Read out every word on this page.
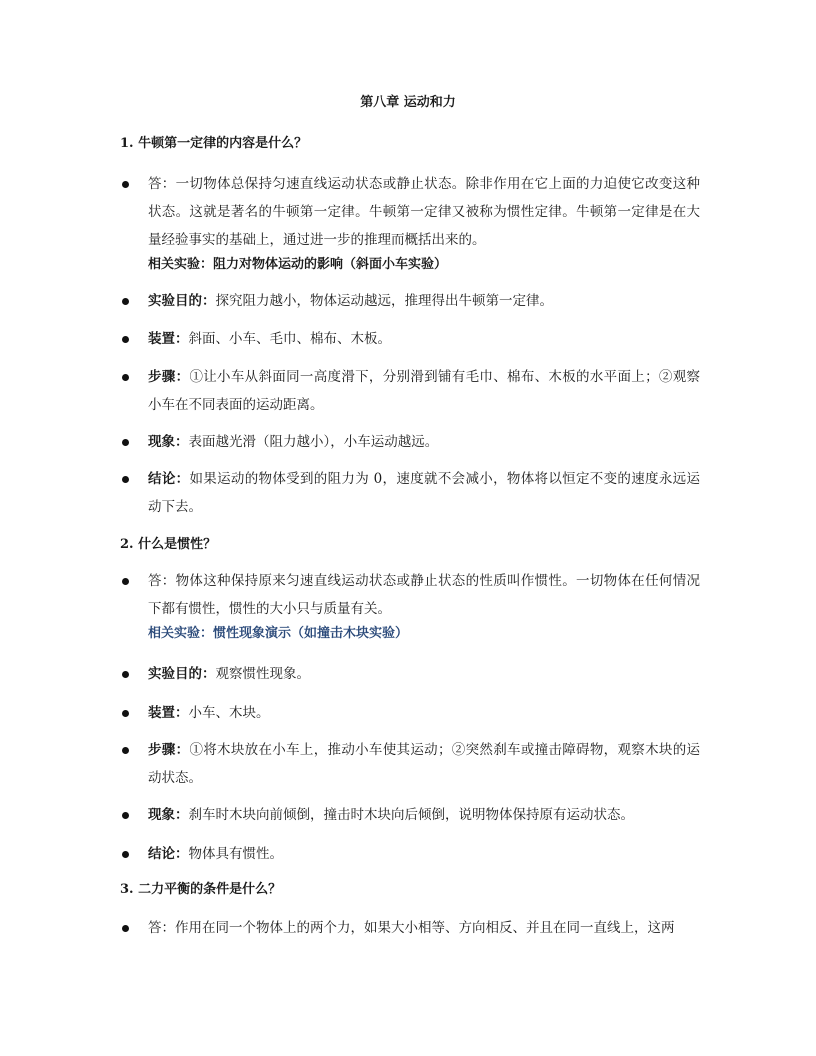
第八章 运动和力
1. 牛顿第一定律的内容是什么？
答：一切物体总保持匀速直线运动状态或静止状态。除非作用在它上面的力迫使它改变这种状态。这就是著名的牛顿第一定律。牛顿第一定律又被称为惯性定律。牛顿第一定律是在大量经验事实的基础上，通过进一步的推理而概括出来的。
相关实验：阻力对物体运动的影响（斜面小车实验）
实验目的：探究阻力越小，物体运动越远，推理得出牛顿第一定律。
装置：斜面、小车、毛巾、棉布、木板。
步骤：①让小车从斜面同一高度滑下，分别滑到铺有毛巾、棉布、木板的水平面上；②观察小车在不同表面的运动距离。
现象：表面越光滑（阻力越小），小车运动越远。
结论：如果运动的物体受到的阻力为 0，速度就不会减小，物体将以恒定不变的速度永远运动下去。
2. 什么是惯性？
答：物体这种保持原来匀速直线运动状态或静止状态的性质叫作惯性。一切物体在任何情况下都有惯性，惯性的大小只与质量有关。
相关实验：惯性现象演示（如撞击木块实验）
实验目的：观察惯性现象。
装置：小车、木块。
步骤：①将木块放在小车上，推动小车使其运动；②突然刹车或撞击障碍物，观察木块的运动状态。
现象：刹车时木块向前倾倒，撞击时木块向后倾倒，说明物体保持原有运动状态。
结论：物体具有惯性。
3. 二力平衡的条件是什么？
答：作用在同一个物体上的两个力，如果大小相等、方向相反、并且在同一直线上，这两
